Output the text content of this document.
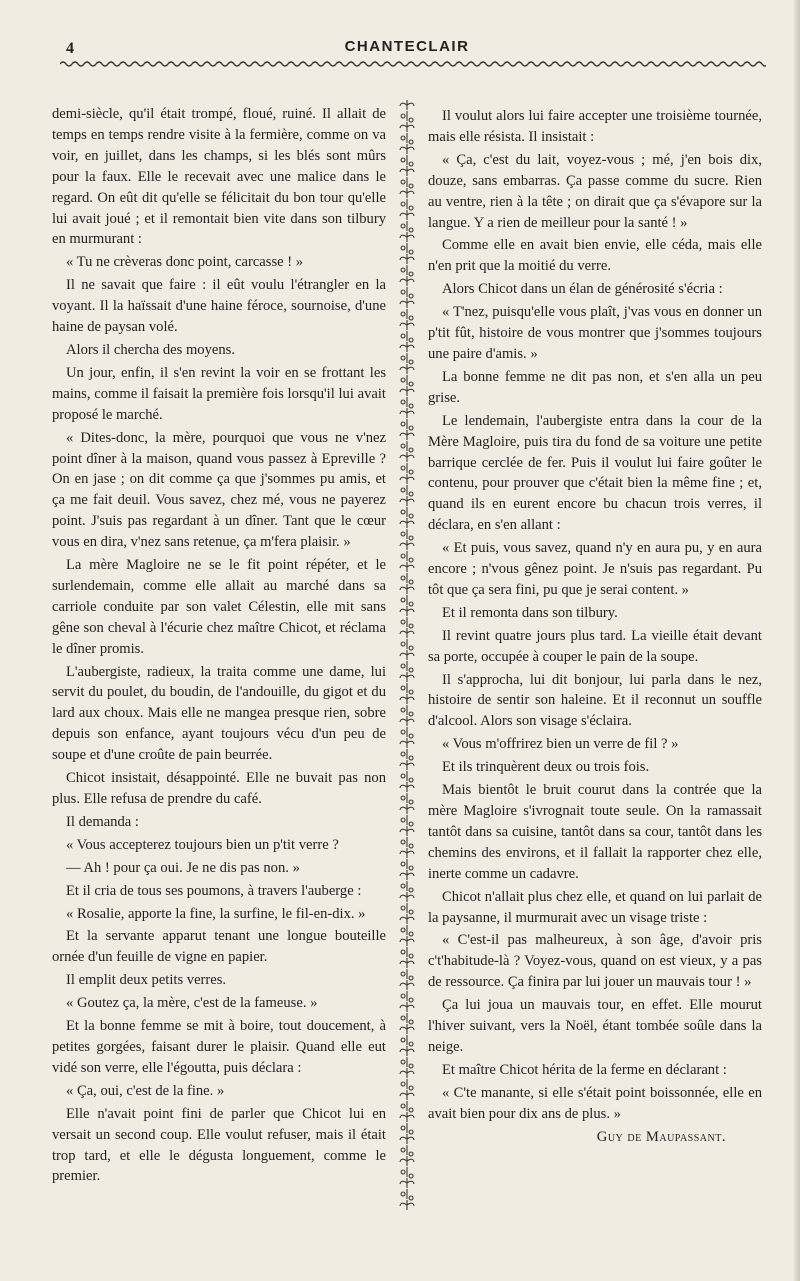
4	CHANTECLAIR

demi-siècle, qu'il était trompé, floué, ruiné. Il allait de temps en temps rendre visite à la fermière, comme on va voir, en juillet, dans les champs, si les blés sont mûrs pour la faux. Elle le recevait avec une malice dans le regard. On eût dit qu'elle se félicitait du bon tour qu'elle lui avait joué ; et il remontait bien vite dans son tilbury en murmurant :

« Tu ne crèveras donc point, carcasse ! »

Il ne savait que faire : il eût voulu l'étrangler en la voyant. Il la haïssait d'une haine féroce, sournoise, d'une haine de paysan volé.

Alors il chercha des moyens.

Un jour, enfin, il s'en revint la voir en se frottant les mains, comme il faisait la première fois lorsqu'il lui avait proposé le marché.

« Dites-donc, la mère, pourquoi que vous ne v'nez point dîner à la maison, quand vous passez à Epreville ? On en jase ; on dit comme ça que j'sommes pu amis, et ça me fait deuil. Vous savez, chez mé, vous ne payerez point. J'suis pas regardant à un dîner. Tant que le cœur vous en dira, v'nez sans retenue, ça m'fera plaisir. »

La mère Magloire ne se le fit point répéter, et le surlendemain, comme elle allait au marché dans sa carriole conduite par son valet Célestin, elle mit sans gêne son cheval à l'écurie chez maître Chicot, et réclama le dîner promis.

L'aubergiste, radieux, la traita comme une dame, lui servit du poulet, du boudin, de l'andouille, du gigot et du lard aux choux. Mais elle ne mangea presque rien, sobre depuis son enfance, ayant toujours vécu d'un peu de soupe et d'une croûte de pain beurrée.

Chicot insistait, désappointé. Elle ne buvait pas non plus. Elle refusa de prendre du café.

Il demanda :

« Vous accepterez toujours bien un p'tit verre ?

— Ah ! pour ça oui. Je ne dis pas non. »

Et il cria de tous ses poumons, à travers l'auberge :

« Rosalie, apporte la fine, la surfine, le fil-en-dix. »

Et la servante apparut tenant une longue bouteille ornée d'un feuille de vigne en papier.

Il emplit deux petits verres.

« Goutez ça, la mère, c'est de la fameuse. »

Et la bonne femme se mit à boire, tout doucement, à petites gorgées, faisant durer le plaisir. Quand elle eut vidé son verre, elle l'égoutta, puis déclara :

« Ça, oui, c'est de la fine. »

Elle n'avait point fini de parler que Chicot lui en versait un second coup. Elle voulut refuser, mais il était trop tard, et elle le dégusta longuement, comme le premier.

Il voulut alors lui faire accepter une troisième tournée, mais elle résista. Il insistait :

« Ça, c'est du lait, voyez-vous ; mé, j'en bois dix, douze, sans embarras. Ça passe comme du sucre. Rien au ventre, rien à la tête ; on dirait que ça s'évapore sur la langue. Y a rien de meilleur pour la santé ! »

Comme elle en avait bien envie, elle céda, mais elle n'en prit que la moitié du verre.

Alors Chicot dans un élan de générosité s'écria :

« T'nez, puisqu'elle vous plaît, j'vas vous en donner un p'tit fût, histoire de vous montrer que j'sommes toujours une paire d'amis. »

La bonne femme ne dit pas non, et s'en alla un peu grise.

Le lendemain, l'aubergiste entra dans la cour de la Mère Magloire, puis tira du fond de sa voiture une petite barrique cerclée de fer. Puis il voulut lui faire goûter le contenu, pour prouver que c'était bien la même fine ; et, quand ils en eurent encore bu chacun trois verres, il déclara, en s'en allant :

« Et puis, vous savez, quand n'y en aura pu, y en aura encore ; n'vous gênez point. Je n'suis pas regardant. Pu tôt que ça sera fini, pu que je serai content. »

Et il remonta dans son tilbury.

Il revint quatre jours plus tard. La vieille était devant sa porte, occupée à couper le pain de la soupe.

Il s'approcha, lui dit bonjour, lui parla dans le nez, histoire de sentir son haleine. Et il reconnut un souffle d'alcool. Alors son visage s'éclaira.

« Vous m'offrirez bien un verre de fil ? »

Et ils trinquèrent deux ou trois fois.

Mais bientôt le bruit courut dans la contrée que la mère Magloire s'ivrognait toute seule. On la ramassait tantôt dans sa cuisine, tantôt dans sa cour, tantôt dans les chemins des environs, et il fallait la rapporter chez elle, inerte comme un cadavre.

Chicot n'allait plus chez elle, et quand on lui parlait de la paysanne, il murmurait avec un visage triste :

« C'est-il pas malheureux, à son âge, d'avoir pris c't'habitude-là ? Voyez-vous, quand on est vieux, y a pas de ressource. Ça finira par lui jouer un mauvais tour ! »

Ça lui joua un mauvais tour, en effet. Elle mourut l'hiver suivant, vers la Noël, étant tombée soûle dans la neige.

Et maître Chicot hérita de la ferme en déclarant :

« C'te manante, si elle s'était point boissonnée, elle en avait bien pour dix ans de plus. »

Guy de Maupassant.
